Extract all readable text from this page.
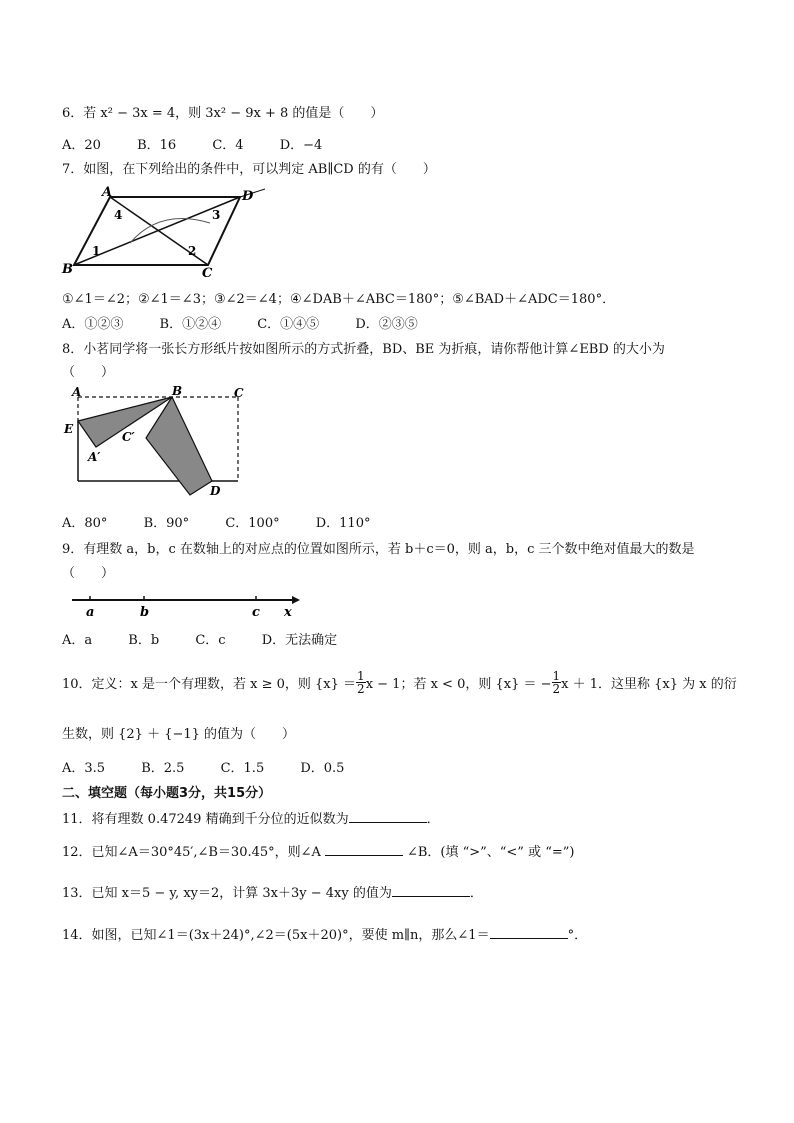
6．若 x² − 3x = 4，则 3x² − 9x + 8 的值是（　　）
A．20	B．16	C．4	D．−4
7．如图，在下列给出的条件中，可以判定 AB∥CD 的有（　　）
A	D
B	C
4	3
1	2
①∠1＝∠2；②∠1＝∠3；③∠2＝∠4；④∠DAB＋∠ABC＝180°；⑤∠BAD＋∠ADC＝180°．
A．①②③	B．①②④	C．①④⑤	D．②③⑤
8．小茗同学将一张长方形纸片按如图所示的方式折叠，BD、BE 为折痕，请你帮他计算∠EBD 的大小为
（　　）
A	B	C
E
A′
C′
D
A．80°	B．90°	C．100°	D．110°
9．有理数 a，b，c 在数轴上的对应点的位置如图所示，若 b＋c＝0，则 a，b，c 三个数中绝对值最大的数是
（　　）
a	b	c x
A．a	B．b	C．c	D．无法确定
10．定义：x 是一个有理数，若 x ≥ 0，则 $\{x\} = \frac{1}{2}$ x − 1；若 x < 0，则 {x} ＝ − $\frac{1}{2}$ x ＋ 1．这里称 {x} 为 x 的衍
生数，则 {2} ＋ {−1} 的值为（　　）
A．3.5	B．2.5	C．1.5	D．0.5
二、填空题（每小题3分，共15分）
11．将有理数 0.47249 精确到千分位的近似数为	．
12．已知∠A＝30°45′,∠B＝30.45°，则∠A	∠B．(填 “>”、“<” 或 “=”)
13．已知 x＝5 − y, xy＝2，计算 3x＋3y − 4xy 的值为	．
14．如图，已知∠1＝(3x＋24)°,∠2＝(5x＋20)°，要使 m∥n，那么∠1＝	°．
